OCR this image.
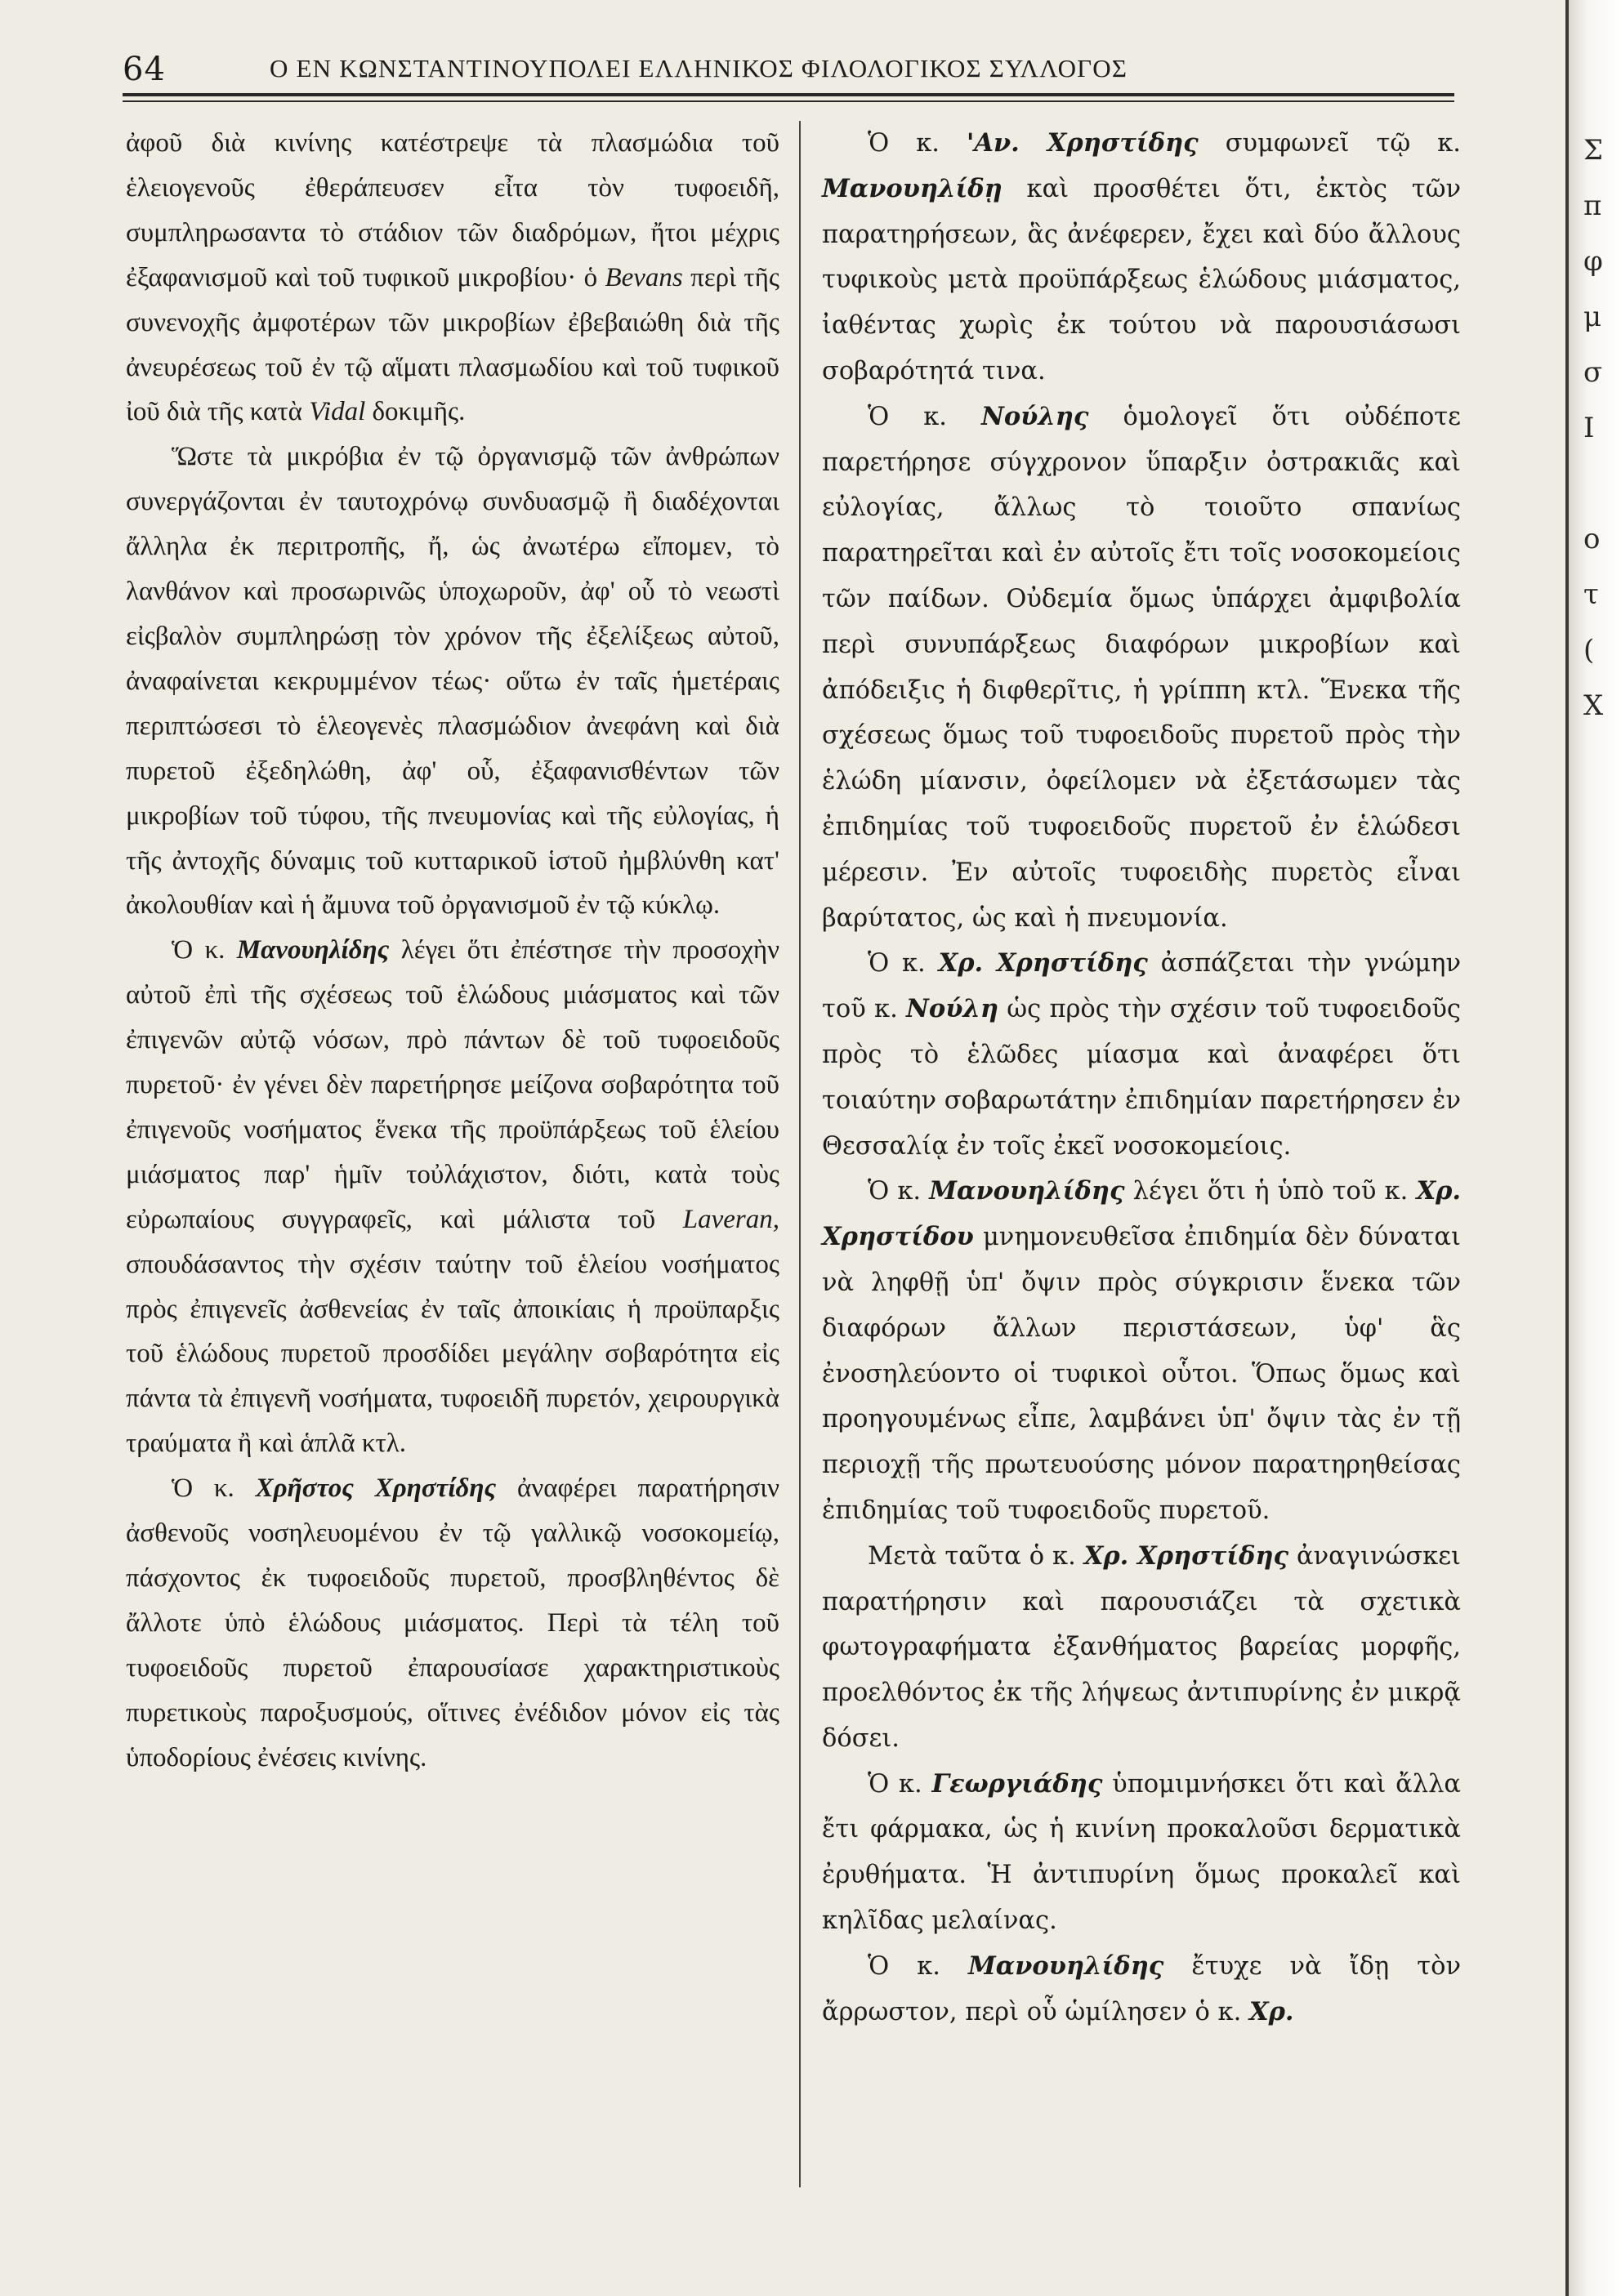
64	Ο ΕΝ ΚΩΝΣΤΑΝΤΙΝΟΥΠΟΛΕΙ ΕΛΛΗΝΙΚΟΣ ΦΙΛΟΛΟΓΙΚΟΣ ΣΥΛΛΟΓΟΣ

ἀφοῦ διὰ κινίνης κατέστρεψε τὰ πλασμώδια τοῦ ἑλειογενοῦς ἐθεράπευσεν εἶτα τὸν τυφοειδῆ, συμπληρωσαντα τὸ στάδιον τῶν διαδρόμων, ἤτοι μέχρις ἐξαφανισμοῦ καὶ τοῦ τυφικοῦ μικροβίου· ὁ Bevans περὶ τῆς συνενοχῆς ἀμφοτέρων τῶν μικροβίων ἐβεβαιώθη διὰ τῆς ἀνευρέσεως τοῦ ἐν τῷ αἵματι πλασμωδίου καὶ τοῦ τυφικοῦ ἰοῦ διὰ τῆς κατὰ Vidal δοκιμῆς.

Ὥστε τὰ μικρόβια ἐν τῷ ὀργανισμῷ τῶν ἀνθρώπων συνεργάζονται ἐν ταυτοχρόνῳ συνδυασμῷ ἢ διαδέχονται ἄλληλα ἐκ περιτροπῆς, ἤ, ὡς ἀνωτέρω εἴπομεν, τὸ λανθάνον καὶ προσωρινῶς ὑποχωροῦν, ἀφ' οὗ τὸ νεωστὶ εἰςβαλὸν συμπληρώσῃ τὸν χρόνον τῆς ἐξελίξεως αὐτοῦ, ἀναφαίνεται κεκρυμμένον τέως· οὕτω ἐν ταῖς ἡμετέραις περιπτώσεσι τὸ ἑλεογενὲς πλασμώδιον ἀνεφάνη καὶ διὰ πυρετοῦ ἐξεδηλώθη, ἀφ' οὗ, ἐξαφανισθέντων τῶν μικροβίων τοῦ τύφου, τῆς πνευμονίας καὶ τῆς εὐλογίας, ἡ τῆς ἀντοχῆς δύναμις τοῦ κυτταρικοῦ ἱστοῦ ἠμβλύνθη κατ' ἀκολουθίαν καὶ ἡ ἄμυνα τοῦ ὀργανισμοῦ ἐν τῷ κύκλῳ.

Ὁ κ. Μανουηλίδης λέγει ὅτι ἐπέστησε τὴν προσοχὴν αὐτοῦ ἐπὶ τῆς σχέσεως τοῦ ἑλώδους μιάσματος καὶ τῶν ἐπιγενῶν αὐτῷ νόσων, πρὸ πάντων δὲ τοῦ τυφοειδοῦς πυρετοῦ· ἐν γένει δὲν παρετήρησε μείζονα σοβαρότητα τοῦ ἐπιγενοῦς νοσήματος ἕνεκα τῆς προϋπάρξεως τοῦ ἑλείου μιάσματος παρ' ἡμῖν τοὐλάχιστον, διότι, κατὰ τοὺς εὐρωπαίους συγγραφεῖς, καὶ μάλιστα τοῦ Laveran, σπουδάσαντος τὴν σχέσιν ταύτην τοῦ ἑλείου νοσήματος πρὸς ἐπιγενεῖς ἀσθενείας ἐν ταῖς ἀποικίαις ἡ προϋπαρξις τοῦ ἑλώδους πυρετοῦ προσδίδει μεγάλην σοβαρότητα εἰς πάντα τὰ ἐπιγενῆ νοσήματα, τυφοειδῆ πυρετόν, χειρουργικὰ τραύματα ἢ καὶ ἁπλᾶ κτλ.

Ὁ κ. Χρῆστος Χρηστίδης ἀναφέρει παρατήρησιν ἀσθενοῦς νοσηλευομένου ἐν τῷ γαλλικῷ νοσοκομείῳ, πάσχοντος ἐκ τυφοειδοῦς πυρετοῦ, προσβληθέντος δὲ ἄλλοτε ὑπὸ ἑλώδους μιάσματος. Περὶ τὰ τέλη τοῦ τυφοειδοῦς πυρετοῦ ἐπαρουσίασε χαρακτηριστικοὺς πυρετικοὺς παροξυσμούς, οἵτινες ἐνέδιδον μόνον εἰς τὰς ὑποδορίους ἐνέσεις κινίνης.

Ὁ κ. 'Αν. Χρηστίδης συμφωνεῖ τῷ κ. Μανουηλίδῃ καὶ προσθέτει ὅτι, ἐκτὸς τῶν παρατηρήσεων, ἃς ἀνέφερεν, ἔχει καὶ δύο ἄλλους τυφικοὺς μετὰ προϋπάρξεως ἑλώδους μιάσματος, ἰαθέντας χωρὶς ἐκ τούτου νὰ παρουσιάσωσι σοβαρότητά τινα.

Ὁ κ. Νούλης ὁμολογεῖ ὅτι οὐδέποτε παρετήρησε σύγχρονον ὕπαρξιν ὀστρακιᾶς καὶ εὐλογίας, ἄλλως τὸ τοιοῦτο σπανίως παρατηρεῖται καὶ ἐν αὐτοῖς ἔτι τοῖς νοσοκομείοις τῶν παίδων. Οὐδεμία ὅμως ὑπάρχει ἀμφιβολία περὶ συνυπάρξεως διαφόρων μικροβίων καὶ ἀπόδειξις ἡ διφθερῖτις, ἡ γρίππη κτλ. Ἕνεκα τῆς σχέσεως ὅμως τοῦ τυφοειδοῦς πυρετοῦ πρὸς τὴν ἑλώδη μίανσιν, ὀφείλομεν νὰ ἐξετάσωμεν τὰς ἐπιδημίας τοῦ τυφοειδοῦς πυρετοῦ ἐν ἑλώδεσι μέρεσιν. Ἐν αὐτοῖς τυφοειδὴς πυρετὸς εἶναι βαρύτατος, ὡς καὶ ἡ πνευμονία.

Ὁ κ. Χρ. Χρηστίδης ἀσπάζεται τὴν γνώμην τοῦ κ. Νούλη ὡς πρὸς τὴν σχέσιν τοῦ τυφοειδοῦς πρὸς τὸ ἑλῶδες μίασμα καὶ ἀναφέρει ὅτι τοιαύτην σοβαρωτάτην ἐπιδημίαν παρετήρησεν ἐν Θεσσαλίᾳ ἐν τοῖς ἐκεῖ νοσοκομείοις.

Ὁ κ. Μανουηλίδης λέγει ὅτι ἡ ὑπὸ τοῦ κ. Χρ. Χρηστίδου μνημονευθεῖσα ἐπιδημία δὲν δύναται νὰ ληφθῇ ὑπ' ὄψιν πρὸς σύγκρισιν ἕνεκα τῶν διαφόρων ἄλλων περιστάσεων, ὑφ' ἃς ἐνοσηλεύοντο οἱ τυφικοὶ οὗτοι. Ὅπως ὅμως καὶ προηγουμένως εἶπε, λαμβάνει ὑπ' ὄψιν τὰς ἐν τῇ περιοχῇ τῆς πρωτευούσης μόνον παρατηρηθείσας ἐπιδημίας τοῦ τυφοειδοῦς πυρετοῦ.

Μετὰ ταῦτα ὁ κ. Χρ. Χρηστίδης ἀναγινώσκει παρατήρησιν καὶ παρουσιάζει τὰ σχετικὰ φωτογραφήματα ἐξανθήματος βαρείας μορφῆς, προελθόντος ἐκ τῆς λήψεως ἀντιπυρίνης ἐν μικρᾷ δόσει.

Ὁ κ. Γεωργιάδης ὑπομιμνήσκει ὅτι καὶ ἄλλα ἔτι φάρμακα, ὡς ἡ κινίνη προκαλοῦσι δερματικὰ ἐρυθήματα. Ἡ ἀντιπυρίνη ὅμως προκαλεῖ καὶ κηλῖδας μελαίνας.

Ὁ κ. Μανουηλίδης ἔτυχε νὰ ἴδῃ τὸν ἄρρωστον, περὶ οὗ ὡμίλησεν ὁ κ. Χρ.

Σ
π
φ
μ
σ
Ι
ο
τ
(
Χ
